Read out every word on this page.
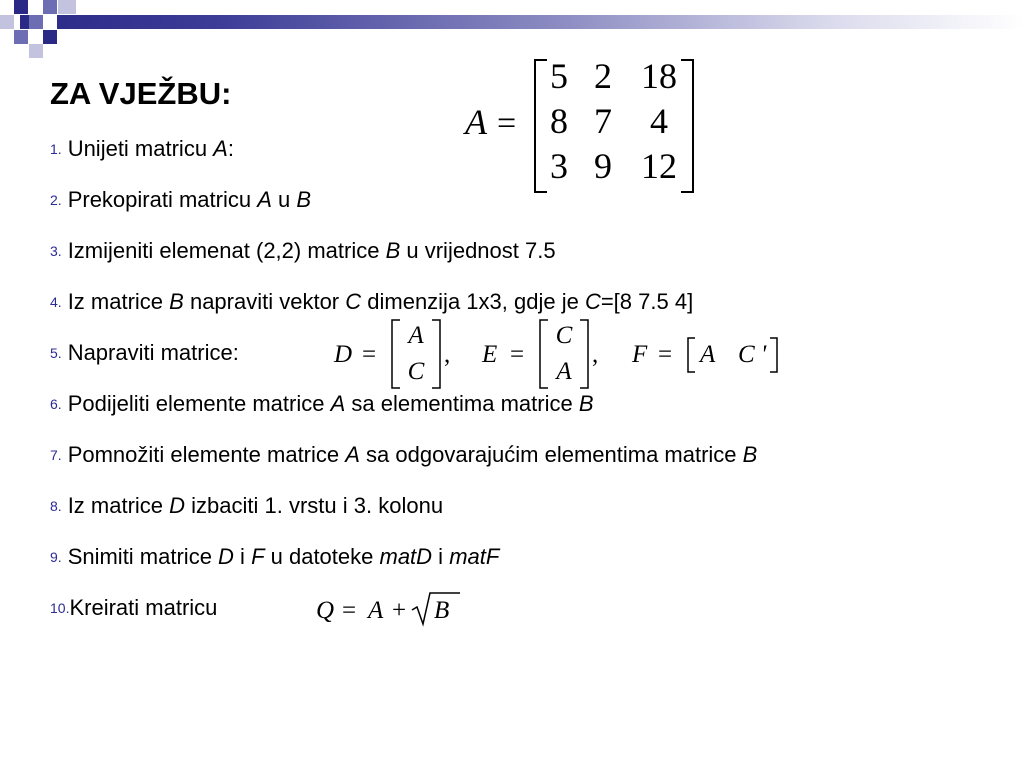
ZA VJEŽBU:
1. Unijeti matricu A:
2. Prekopirati matricu A u B
3. Izmijeniti elemenat (2,2) matrice B u vrijednost 7.5
4. Iz matrice B napraviti vektor C dimenzija 1x3, gdje je C=[8 7.5 4]
5. Napraviti matrice:
6. Podijeliti elemente matrice A sa elementima matrice B
7. Pomnožiti elemente matrice A sa odgovarajućim elementima matrice B
8. Iz matrice D izbaciti 1. vrstu i 3. kolonu
9. Snimiti matrice D i F u datoteke matD i matF
10.Kreirati matricu
A =
5 2 18
8 7 4
3 9 12
D =
A
C
, E =
C
A
, F = A C '
Q = A + B
